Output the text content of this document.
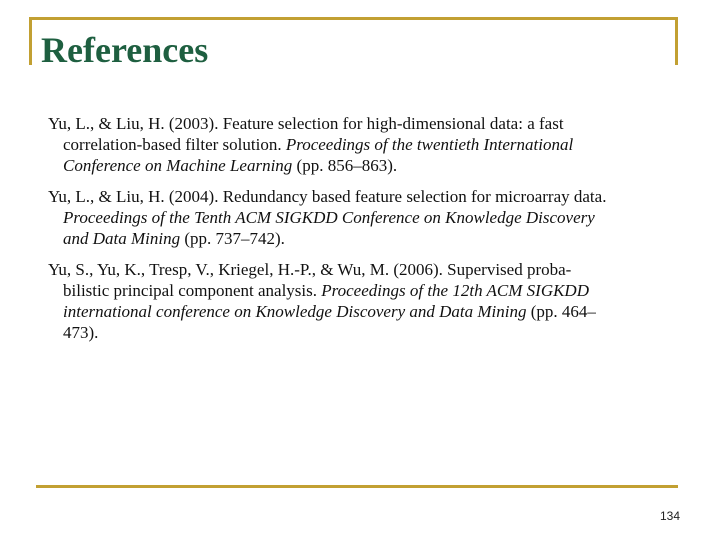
References

Yu, L., & Liu, H. (2003). Feature selection for high-dimensional data: a fast
correlation-based filter solution. Proceedings of the twentieth International
Conference on Machine Learning (pp. 856–863).

Yu, L., & Liu, H. (2004). Redundancy based feature selection for microarray data.
Proceedings of the Tenth ACM SIGKDD Conference on Knowledge Discovery
and Data Mining (pp. 737–742).

Yu, S., Yu, K., Tresp, V., Kriegel, H.-P., & Wu, M. (2006). Supervised proba-
bilistic principal component analysis. Proceedings of the 12th ACM SIGKDD
international conference on Knowledge Discovery and Data Mining (pp. 464–
473).

134
